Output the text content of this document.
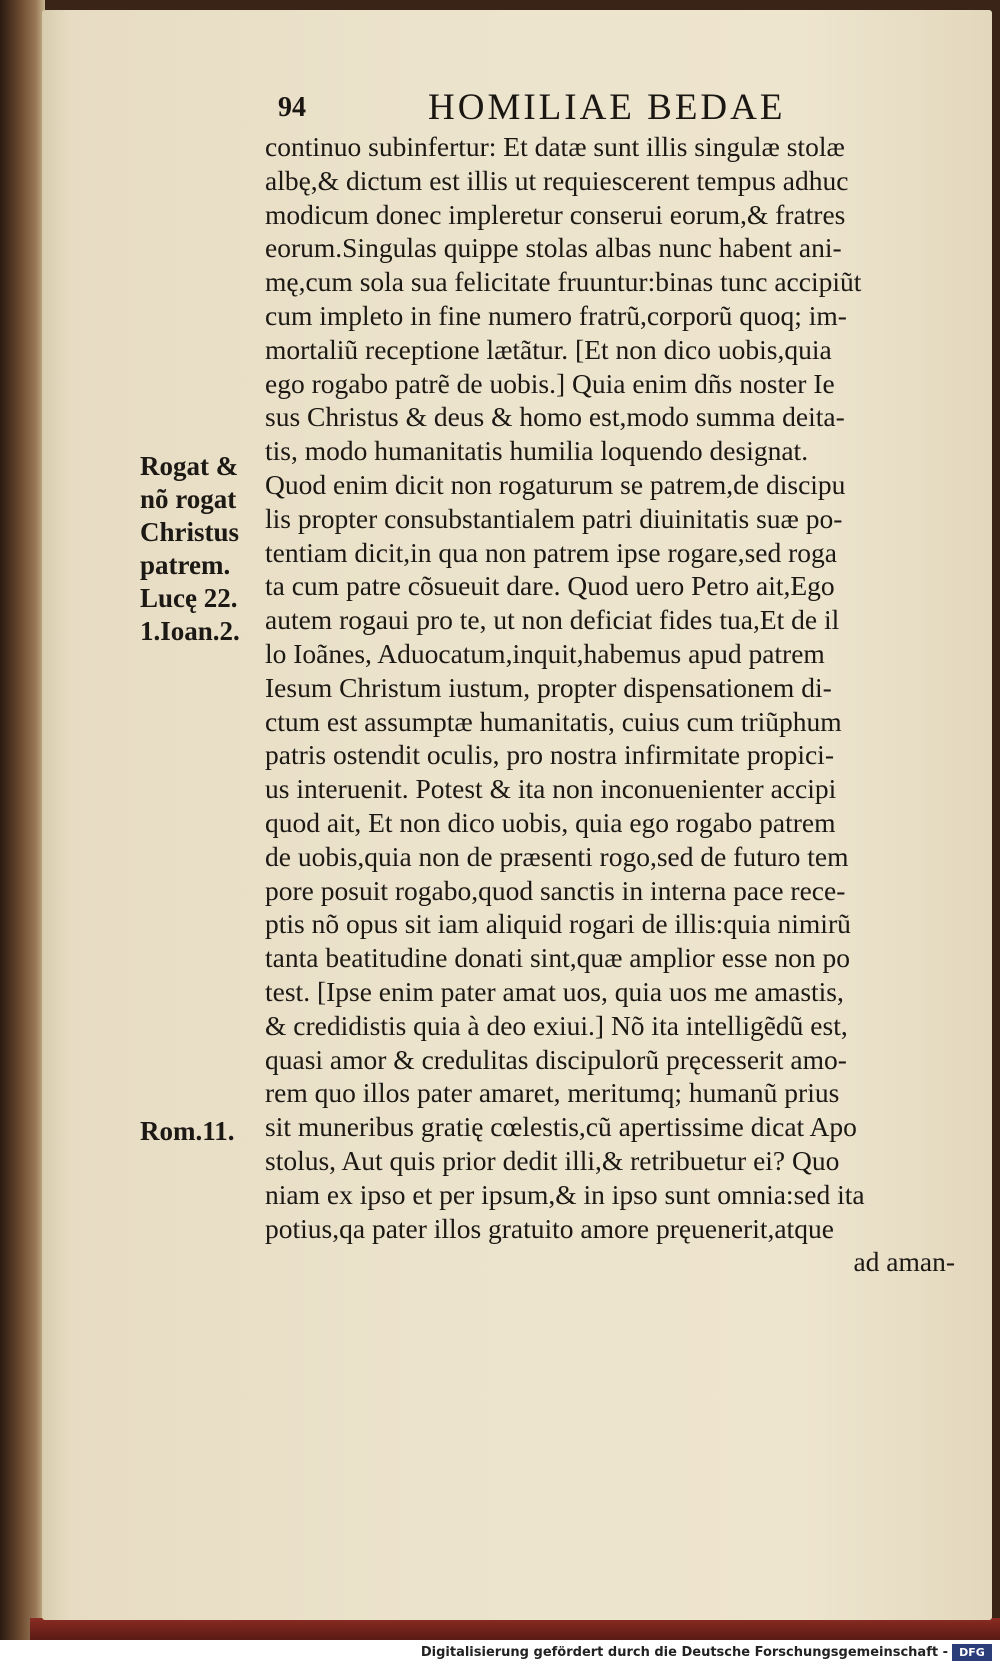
94	HOMILIAE BEDAE
continuo subinfertur: Et datæ sunt illis singulæ stolæ
albę,& dictum est illis ut requiescerent tempus adhuc
modicum donec impleretur conserui eorum,& fratres
eorum.Singulas quippe stolas albas nunc habent ani-
mę,cum sola sua felicitate fruuntur:binas tunc accipiũt
cum impleto in fine numero fratrũ,corporũ quoq; im-
mortaliũ receptione lætãtur. [Et non dico uobis,quia
ego rogabo patrẽ de uobis.] Quia enim dñs noster Ie
sus Christus & deus & homo est,modo summa deita-
tis, modo humanitatis humilia loquendo designat.
Quod enim dicit non rogaturum se patrem,de discipu
lis propter consubstantialem patri diuinitatis suæ po-
tentiam dicit,in qua non patrem ipse rogare,sed roga
ta cum patre cõsueuit dare. Quod uero Petro ait,Ego
autem rogaui pro te, ut non deficiat fides tua,Et de il
lo Ioãnes, Aduocatum,inquit,habemus apud patrem
Iesum Christum iustum, propter dispensationem di-
ctum est assumptæ humanitatis, cuius cum triũphum
patris ostendit oculis, pro nostra infirmitate propici-
us interuenit. Potest & ita non inconuenienter accipi
quod ait, Et non dico uobis, quia ego rogabo patrem
de uobis,quia non de præsenti rogo,sed de futuro tem
pore posuit rogabo,quod sanctis in interna pace rece-
ptis nõ opus sit iam aliquid rogari de illis:quia nimirũ
tanta beatitudine donati sint,quæ amplior esse non po
test. [Ipse enim pater amat uos, quia uos me amastis,
& credidistis quia à deo exiui.] Nõ ita intelligẽdũ est,
quasi amor & credulitas discipulorũ pręcesserit amo-
rem quo illos pater amaret, meritumq; humanũ prius
sit muneribus gratię cœlestis,cũ apertissime dicat Apo
stolus, Aut quis prior dedit illi,& retribuetur ei? Quo
niam ex ipso et per ipsum,& in ipso sunt omnia:sed ita
potius,qa pater illos gratuito amore pręuenerit,atque
ad aman-
Rogat &
nõ rogat
Christus
patrem.
Lucę 22.
1.Ioan.2.
Rom.11.
Digitalisierung gefördert durch die Deutsche Forschungsgemeinschaft -	DFG
